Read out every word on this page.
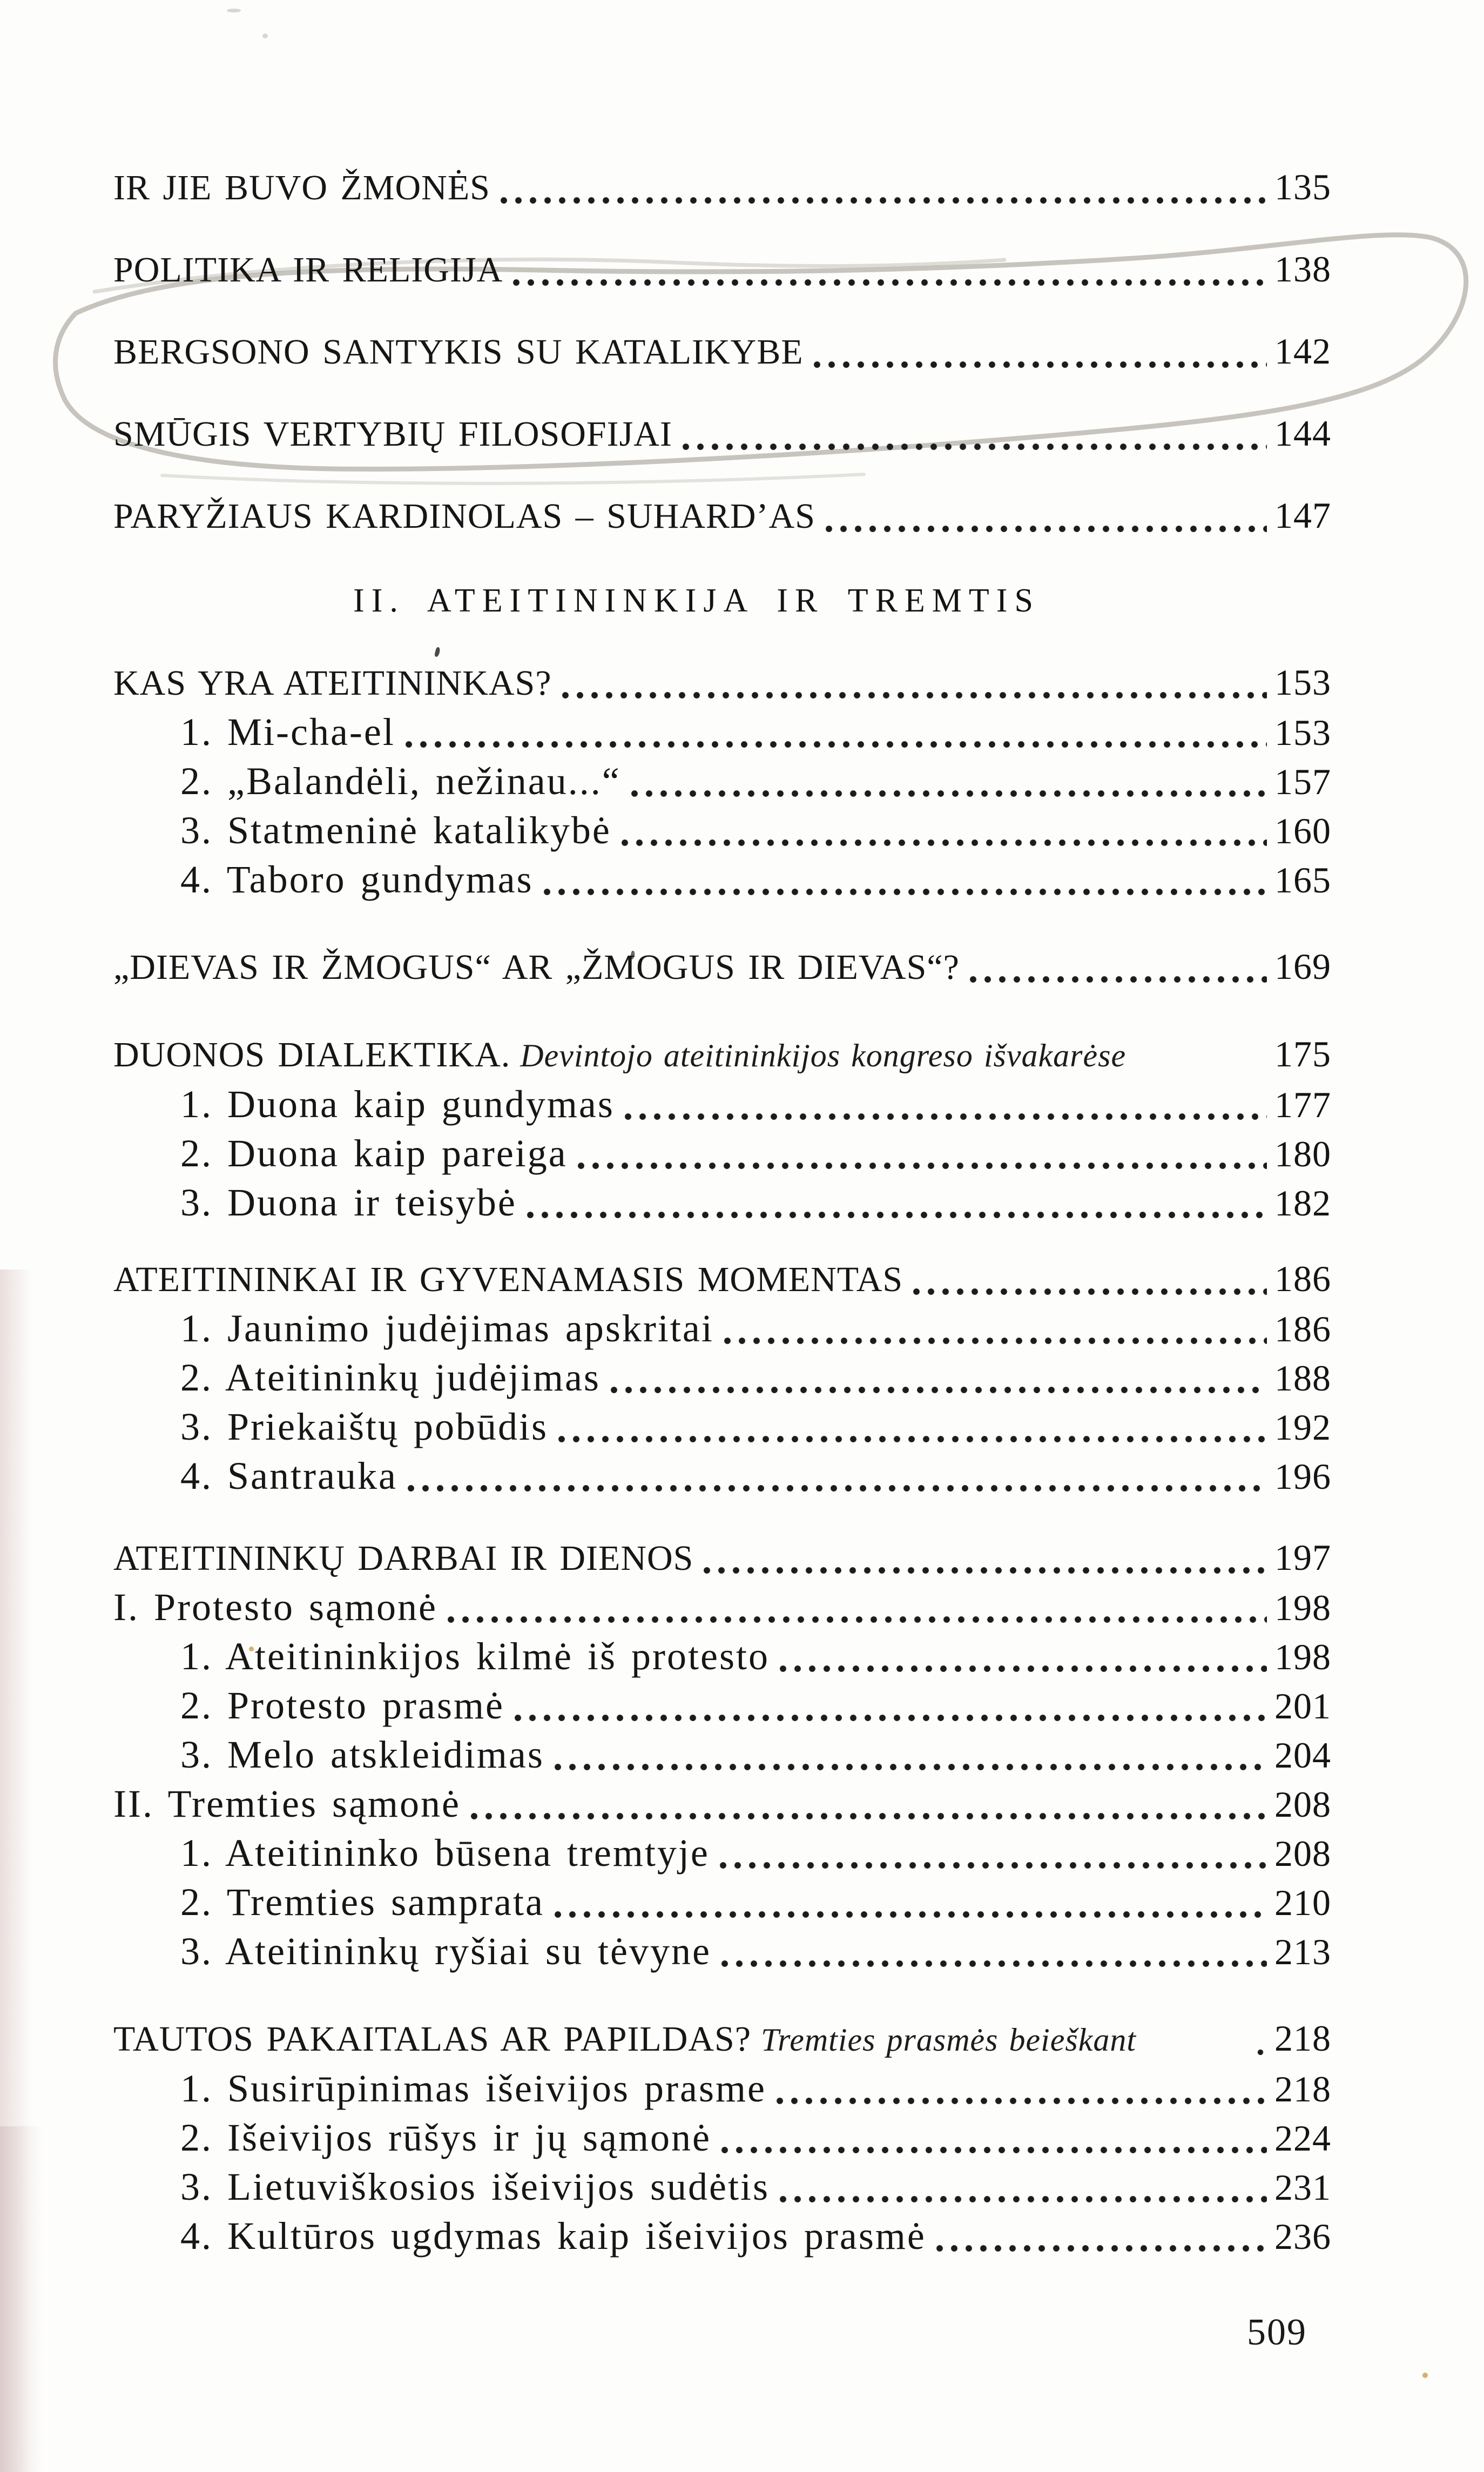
IR JIE BUVO ŽMONĖS	135
POLITIKA IR RELIGIJA	138
BERGSONO SANTYKIS SU KATALIKYBE	142
SMŪGIS VERTYBIŲ FILOSOFIJAI	144
PARYŽIAUS KARDINOLAS – SUHARD’AS	147
II. ATEITININKIJA IR TREMTIS
KAS YRA ATEITININKAS?	153
1. Mi-cha-el	153
2. „Balandėli, nežinau...“	157
3. Statmeninė katalikybė	160
4. Taboro gundymas	165
„DIEVAS IR ŽMOGUS“ AR „ŽMOGUS IR DIEVAS“?	169
DUONOS DIALEKTIKA. Devintojo ateitininkijos kongreso išvakarėse	175
1. Duona kaip gundymas	177
2. Duona kaip pareiga	180
3. Duona ir teisybė	182
ATEITININKAI IR GYVENAMASIS MOMENTAS	186
1. Jaunimo judėjimas apskritai	186
2. Ateitininkų judėjimas	188
3. Priekaištų pobūdis	192
4. Santrauka	196
ATEITININKŲ DARBAI IR DIENOS	197
I. Protesto sąmonė	198
1. Ateitininkijos kilmė iš protesto	198
2. Protesto prasmė	201
3. Melo atskleidimas	204
II. Tremties sąmonė	208
1. Ateitininko būsena tremtyje	208
2. Tremties samprata	210
3. Ateitininkų ryšiai su tėvyne	213
TAUTOS PAKAITALAS AR PAPILDAS? Tremties prasmės beieškant	218
1. Susirūpinimas išeivijos prasme	218
2. Išeivijos rūšys ir jų sąmonė	224
3. Lietuviškosios išeivijos sudėtis	231
4. Kultūros ugdymas kaip išeivijos prasmė	236
509
